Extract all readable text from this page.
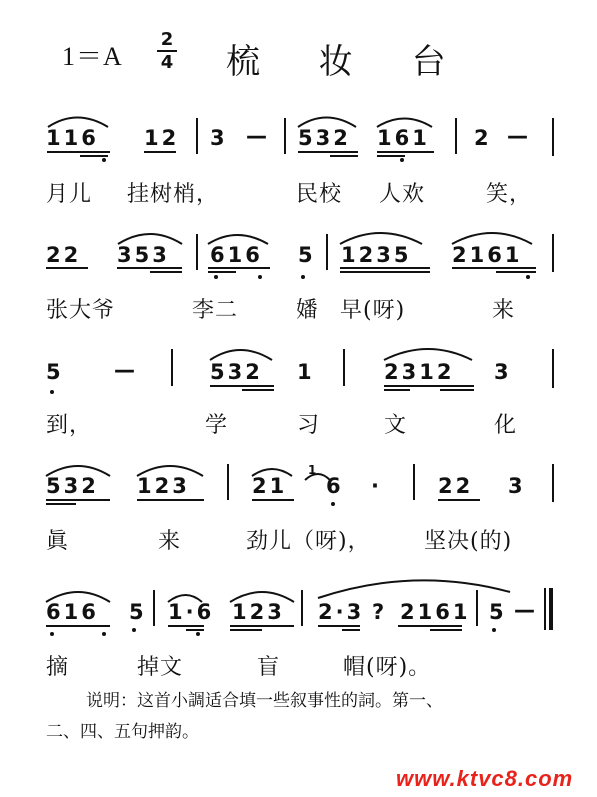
1＝A
2
4 梳 妆 台
116 12 3 — 532 161 2 —
月儿 挂树梢，	民校 人欢	笑，
22 353 616 5 1235 2161
张大爷	李二	嬏 早(呀)	来
5 —	532 1	2312 3
到，	学	习	文	化
532 123	21
1
6 ·	22 3
眞	来	劲儿（呀)， 坚决(的)
616 5 1·6 123 2·3 ? 2161 5 —
摘	掉文	盲	帽(呀)。
说明：这首小調适合填一些叙事性的詞。第一、
二、四、五句押韵。
www.ktvc8.com
